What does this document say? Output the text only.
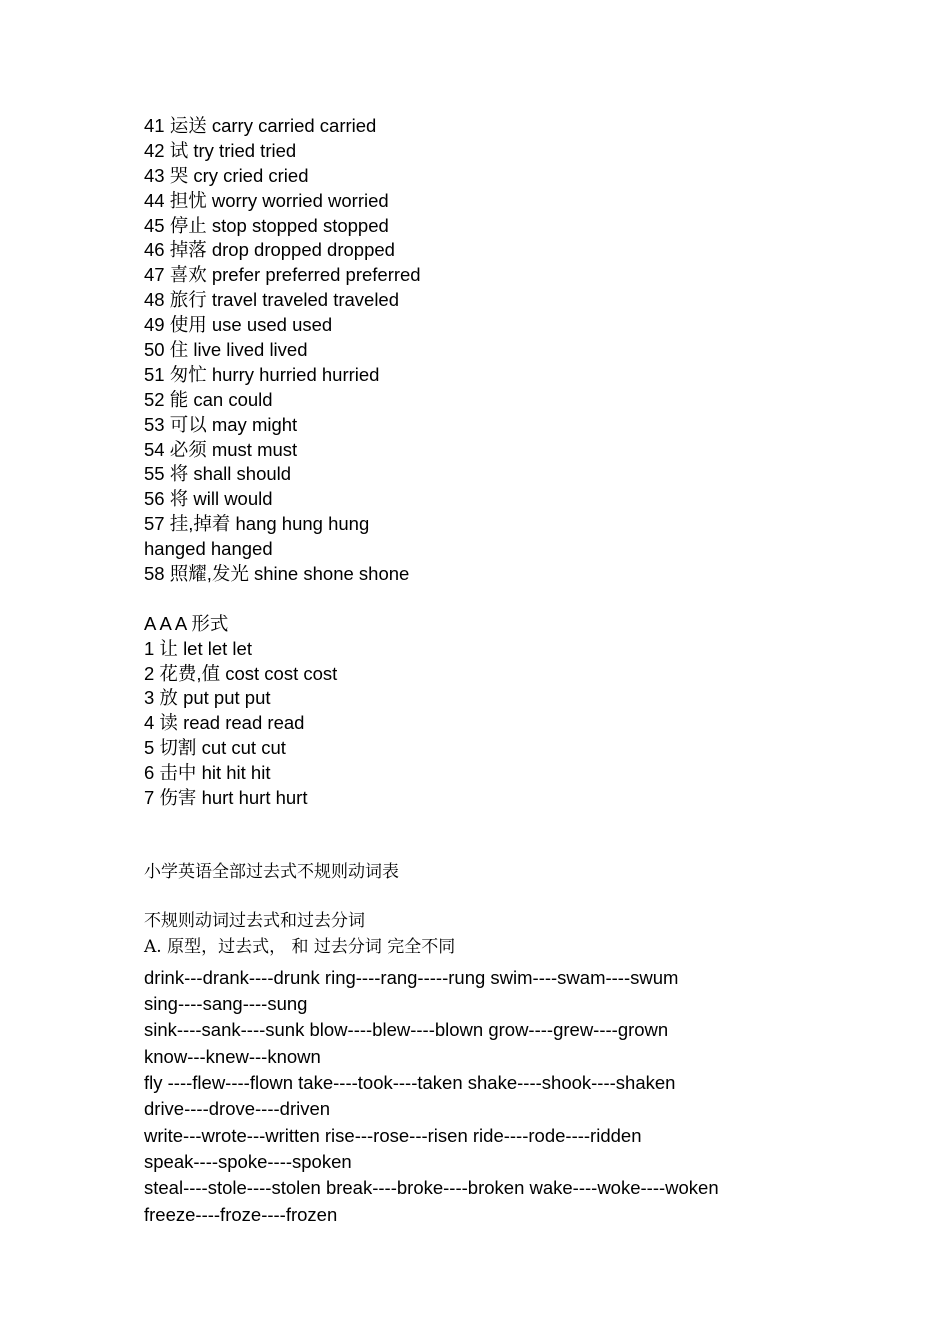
41 运送 carry carried carried
42 试 try tried tried
43 哭 cry cried cried
44 担忧 worry worried worried
45 停止 stop stopped stopped
46 掉落 drop dropped dropped
47 喜欢 prefer preferred preferred
48 旅行 travel traveled traveled
49 使用 use used used
50 住 live lived lived
51 匆忙 hurry hurried hurried
52 能 can could
53 可以 may might
54 必须 must must
55 将 shall should
56 将 will would
57 挂,掉着 hang hung hung
hanged hanged
58 照耀,发光 shine shone shone
A A A 形式
1 让 let let let
2 花费,值 cost cost cost
3 放 put put put
4 读 read read read
5 切割 cut cut cut
6 击中 hit hit hit
7 伤害 hurt hurt hurt
小学英语全部过去式不规则动词表
不规则动词过去式和过去分词
A. 原型，过去式， 和 过去分词 完全不同
drink---drank----drunk ring----rang-----rung swim----swam----swum
sing----sang----sung
sink----sank----sunk blow----blew----blown grow----grew----grown
know---knew---known
fly ----flew----flown take----took----taken shake----shook----shaken
drive----drove----driven
write---wrote---written rise---rose---risen ride----rode----ridden
speak----spoke----spoken
steal----stole----stolen break----broke----broken wake----woke----woken
freeze----froze----frozen
